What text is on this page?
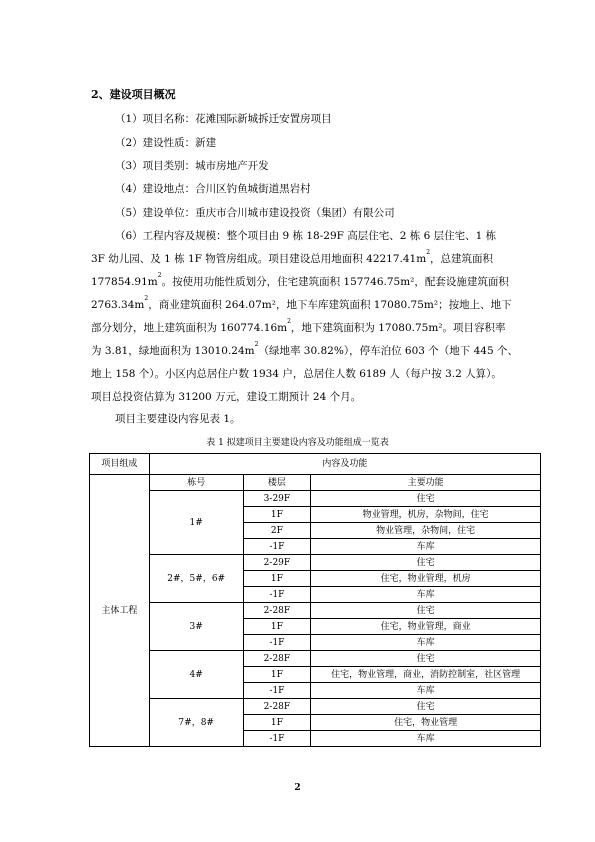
2、建设项目概况
（1）项目名称：花滩国际新城拆迁安置房项目
（2）建设性质：新建
（3）项目类别：城市房地产开发
（4）建设地点：合川区钓鱼城街道黑岩村
（5）建设单位：重庆市合川城市建设投资（集团）有限公司
（6）工程内容及规模：整个项目由 9 栋 18-29F 高层住宅、2 栋 6 层住宅、1 栋
3F 幼儿园、及 1 栋 1F 物管房组成。项目建设总用地面积 $42217.41m^2$，总建筑面积
$177854.91m^2$。按使用功能性质划分，住宅建筑面积 157746.75m²，配套设施建筑面积
$2763.34m^2$，商业建筑面积 264.07m²，地下车库建筑面积 17080.75m²；按地上、地下
部分划分，地上建筑面积为 $160774.16m^2$，地下建筑面积为 17080.75m²。项目容积率
为 3.81，绿地面积为 $13010.24m^2$（绿地率 30.82%），停车泊位 603 个（地下 445 个、
地上 158 个）。小区内总居住户数 1934 户，总居住人数 6189 人（每户按 3.2 人算）。
项目总投资估算为 31200 万元，建设工期预计 24 个月。
项目主要建设内容见表 1。
表 1 拟建项目主要建设内容及功能组成一览表
项目组成	内容及功能		
主体工程	栋号	楼层	主要功能
	1#	3-29F	住宅
		1F	物业管理，机房，杂物间，住宅
		2F	物业管理，杂物间，住宅
		-1F	车库
	2#，5#，6#	2-29F	住宅
		1F	住宅，物业管理，机房
		-1F	车库
	3#	2-28F	住宅
		1F	住宅，物业管理，商业
		-1F	车库
	4#	2-28F	住宅
		1F	住宅，物业管理，商业，消防控制室，社区管理
		-1F	车库
	7#，8#	2-28F	住宅
		1F	住宅，物业管理
		-1F	车库
2
